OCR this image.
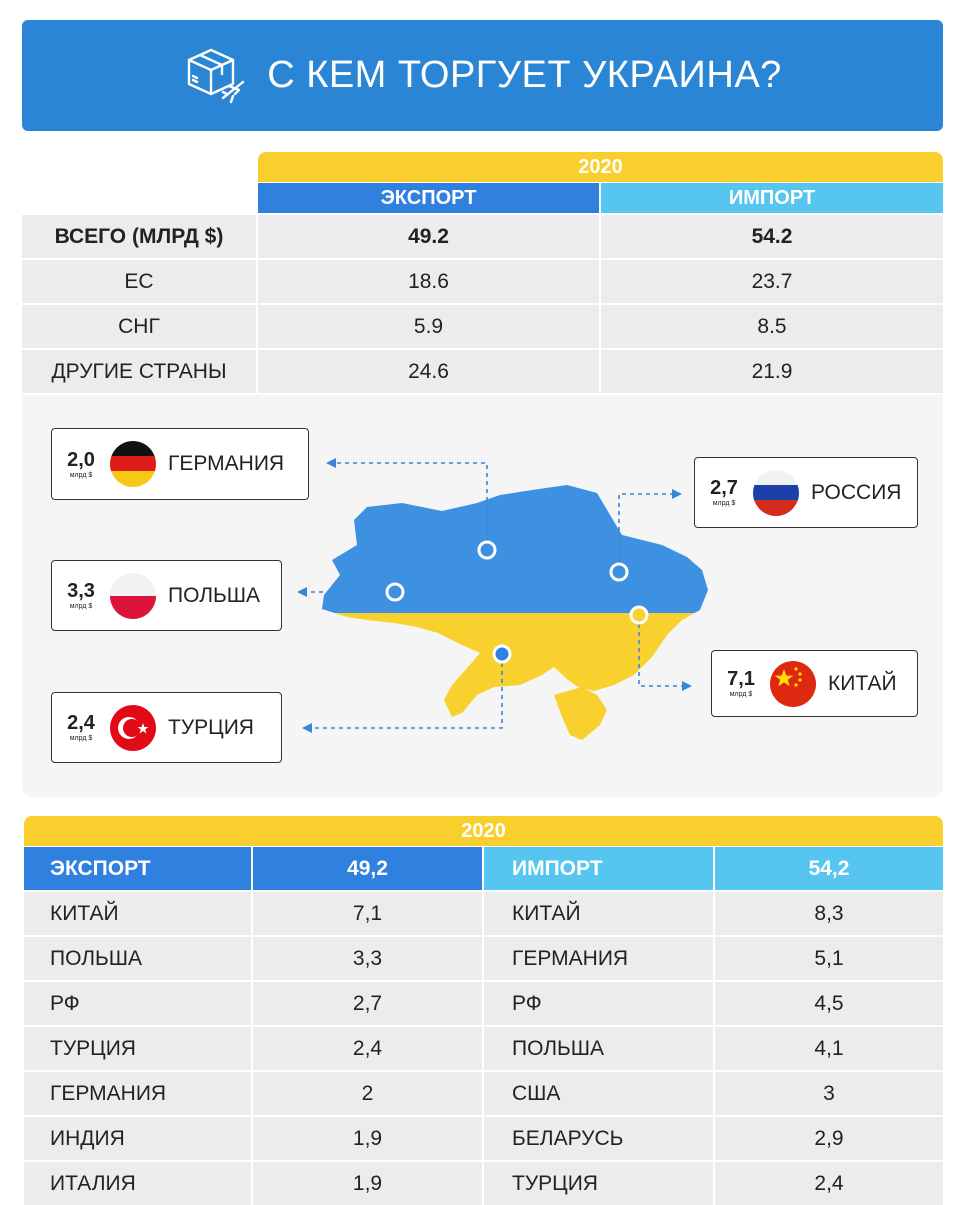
С КЕМ ТОРГУЕТ УКРАИНА?
2020
ЭКСПОРТ	ИМПОРТ
ВСЕГО (МЛРД $)	49.2	54.2
ЕС	18.6	23.7
СНГ	5.9	8.5
ДРУГИЕ СТРАНЫ	24.6	21.9
2,0
млрд $	ГЕРМАНИЯ
3,3
млрд $	ПОЛЬША
2,4
млрд $	ТУРЦИЯ
2,7
млрд $	РОССИЯ
7,1
млрд $	КИТАЙ
2020
ЭКСПОРТ	49,2	ИМПОРТ	54,2
КИТАЙ	7,1	КИТАЙ	8,3
ПОЛЬША	3,3	ГЕРМАНИЯ	5,1
РФ	2,7	РФ	4,5
ТУРЦИЯ	2,4	ПОЛЬША	4,1
ГЕРМАНИЯ	2	США	3
ИНДИЯ	1,9	БЕЛАРУСЬ	2,9
ИТАЛИЯ	1,9	ТУРЦИЯ	2,4
